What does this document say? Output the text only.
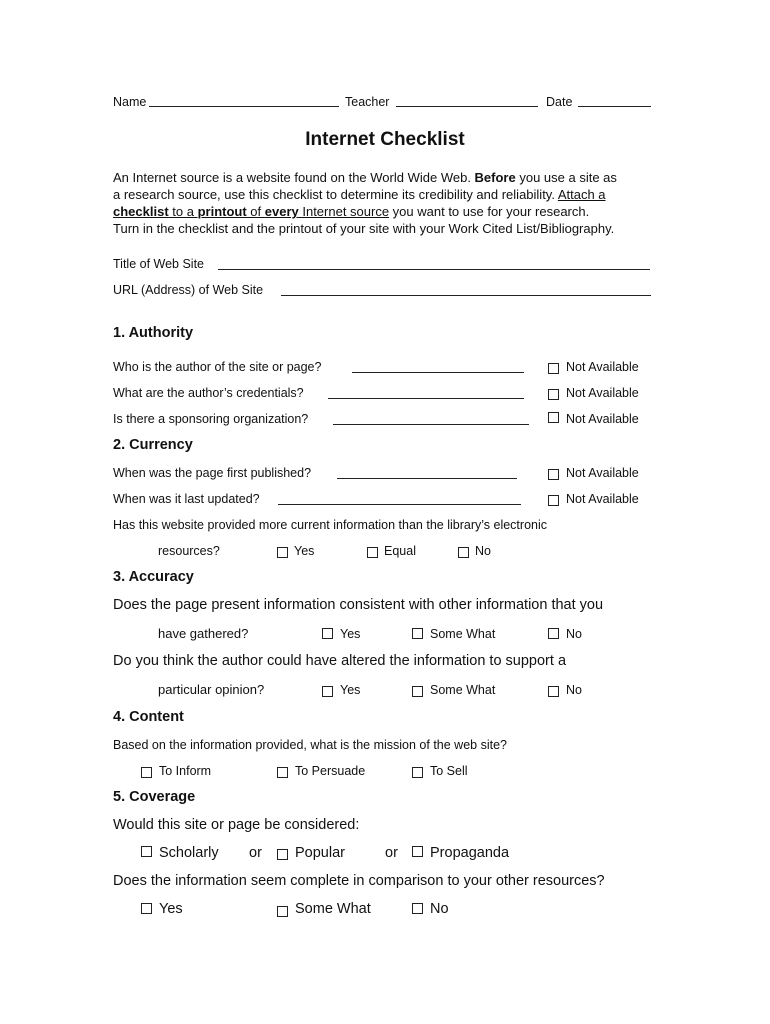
Name	Teacher	Date
Internet Checklist
An Internet source is a website found on the World Wide Web. Before you use a site as
a research source, use this checklist to determine its credibility and reliability. Attach a
checklist to a printout of every Internet source you want to use for your research.
Turn in the checklist and the printout of your site with your Work Cited List/Bibliography.
Title of Web Site
URL (Address) of Web Site
1. Authority
Who is the author of the site or page?	Not Available
What are the author’s credentials?	Not Available
Is there a sponsoring organization?	Not Available
2. Currency
When was the page first published?	Not Available
When was it last updated?	Not Available
Has this website provided more current information than the library’s electronic
resources?	Yes	Equal	No
3. Accuracy
Does the page present information consistent with other information that you
have gathered?	Yes	Some What	No
Do you think the author could have altered the information to support a
particular opinion?	Yes	Some What	No
4. Content
Based on the information provided, what is the mission of the web site?
To Inform	To Persuade	To Sell
5. Coverage
Would this site or page be considered:
Scholarly or Popular	or Propaganda
Does the information seem complete in comparison to your other resources?
Yes	Some What	No
